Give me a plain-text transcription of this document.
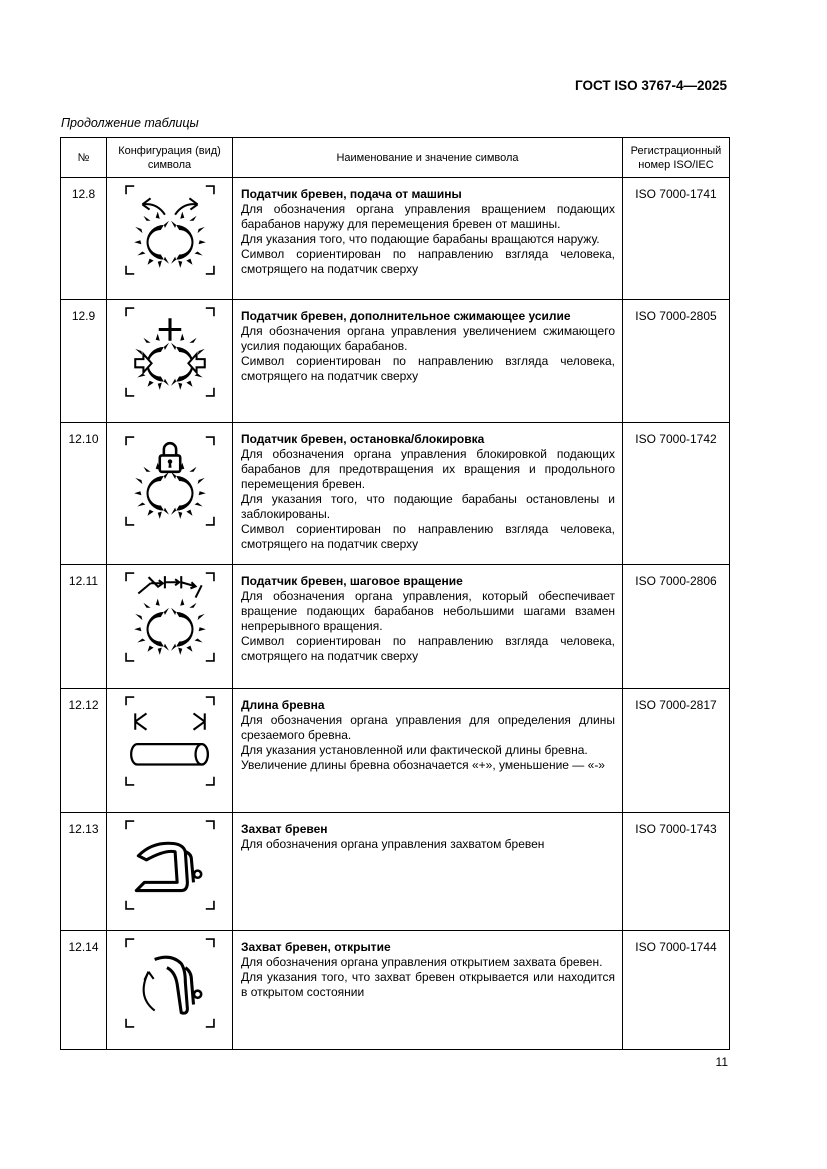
ГОСТ ISO 3767-4—2025
Продолжение таблицы
№	Конфигурация (вид) символа	Наименование и значение символа	Регистрационный номер ISO/IEC
12.8		Податчик бревен, подача от машины
Для обозначения органа управления вращением подающих барабанов наружу для перемещения бревен от машины.
Для указания того, что подающие барабаны вращаются наружу.
Символ сориентирован по направлению взгляда человека, смотрящего на податчик сверху	ISO 7000-1741
12.9		Податчик бревен, дополнительное сжимающее усилие
Для обозначения органа управления увеличением сжимающего усилия подающих барабанов.
Символ сориентирован по направлению взгляда человека, смотрящего на податчик сверху	ISO 7000-2805
12.10		Податчик бревен, остановка/блокировка
Для обозначения органа управления блокировкой подающих барабанов для предотвращения их вращения и продольного перемещения бревен.
Для указания того, что подающие барабаны остановлены и заблокированы.
Символ сориентирован по направлению взгляда человека, смотрящего на податчик сверху	ISO 7000-1742
12.11		Податчик бревен, шаговое вращение
Для обозначения органа управления, который обеспечивает вращение подающих барабанов небольшими шагами взамен непрерывного вращения.
Символ сориентирован по направлению взгляда человека, смотрящего на податчик сверху	ISO 7000-2806
12.12		Длина бревна
Для обозначения органа управления для определения длины срезаемого бревна.
Для указания установленной или фактической длины бревна.
Увеличение длины бревна обозначается «+», уменьшение — «-»	ISO 7000-2817
12.13		Захват бревен
Для обозначения органа управления захватом бревен	ISO 7000-1743
12.14		Захват бревен, открытие
Для обозначения органа управления открытием захвата бревен.
Для указания того, что захват бревен открывается или находится в открытом состоянии	ISO 7000-1744
11
